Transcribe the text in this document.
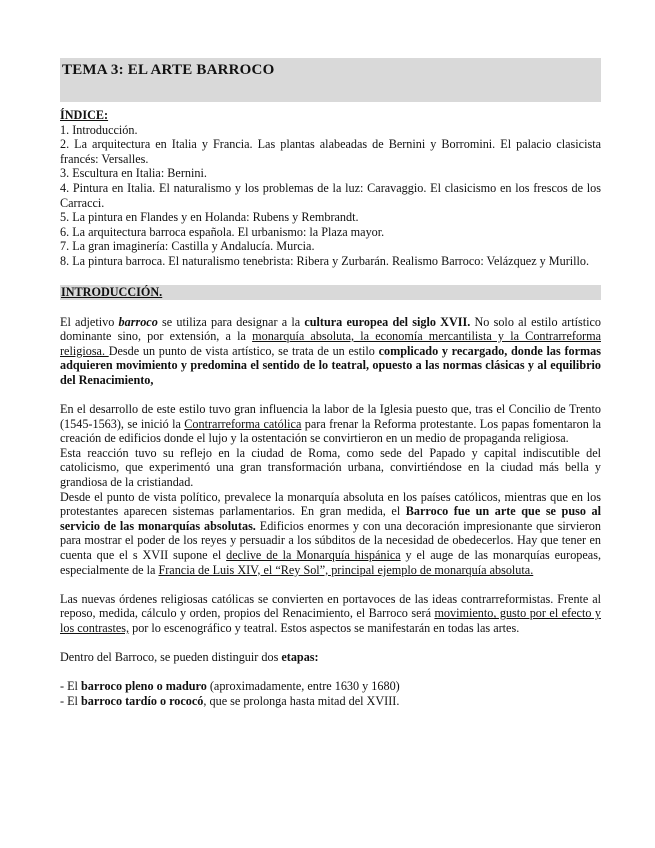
TEMA 3: EL ARTE BARROCO
ÍNDICE:
1. Introducción.
2. La arquitectura en Italia y Francia. Las plantas alabeadas de Bernini y Borromini. El palacio clasicista francés: Versalles.
3. Escultura en Italia: Bernini.
4. Pintura en Italia. El naturalismo y los problemas de la luz: Caravaggio. El clasicismo en los frescos de los Carracci.
5. La pintura en Flandes y en Holanda: Rubens y Rembrandt.
6. La arquitectura barroca española. El urbanismo: la Plaza mayor.
7. La gran imaginería: Castilla y Andalucía. Murcia.
8. La pintura barroca. El naturalismo tenebrista: Ribera y Zurbarán. Realismo Barroco: Velázquez y Murillo.
INTRODUCCIÓN.

El adjetivo barroco se utiliza para designar a la cultura europea del siglo XVII. No solo al estilo artístico dominante sino, por extensión, a la monarquía absoluta, la economía mercantilista y la Contrarreforma religiosa. Desde un punto de vista artístico, se trata de un estilo complicado y recargado, donde las formas adquieren movimiento y predomina el sentido de lo teatral, opuesto a las normas clásicas y al equilibrio del Renacimiento,

En el desarrollo de este estilo tuvo gran influencia la labor de la Iglesia puesto que, tras el Concilio de Trento (1545-1563), se inició la Contrarreforma católica para frenar la Reforma protestante. Los papas fomentaron la creación de edificios donde el lujo y la ostentación se convirtieron en un medio de propaganda religiosa.

Esta reacción tuvo su reflejo en la ciudad de Roma, como sede del Papado y capital indiscutible del catolicismo, que experimentó una gran transformación urbana, convirtiéndose en la ciudad más bella y grandiosa de la cristiandad.

Desde el punto de vista político, prevalece la monarquía absoluta en los países católicos, mientras que en los protestantes aparecen sistemas parlamentarios. En gran medida, el Barroco fue un arte que se puso al servicio de las monarquías absolutas. Edificios enormes y con una decoración impresionante que sirvieron para mostrar el poder de los reyes y persuadir a los súbditos de la necesidad de obedecerlos. Hay que tener en cuenta que el s XVII supone el declive de la Monarquía hispánica y el auge de las monarquías europeas, especialmente de la Francia de Luis XIV, el “Rey Sol”, principal ejemplo de monarquía absoluta.

Las nuevas órdenes religiosas católicas se convierten en portavoces de las ideas contrarreformistas. Frente al reposo, medida, cálculo y orden, propios del Renacimiento, el Barroco será movimiento, gusto por el efecto y los contrastes, por lo escenográfico y teatral. Estos aspectos se manifestarán en todas las artes.

Dentro del Barroco, se pueden distinguir dos etapas:

- El barroco pleno o maduro (aproximadamente, entre 1630 y 1680)

- El barroco tardío o rococó, que se prolonga hasta mitad del XVIII.
